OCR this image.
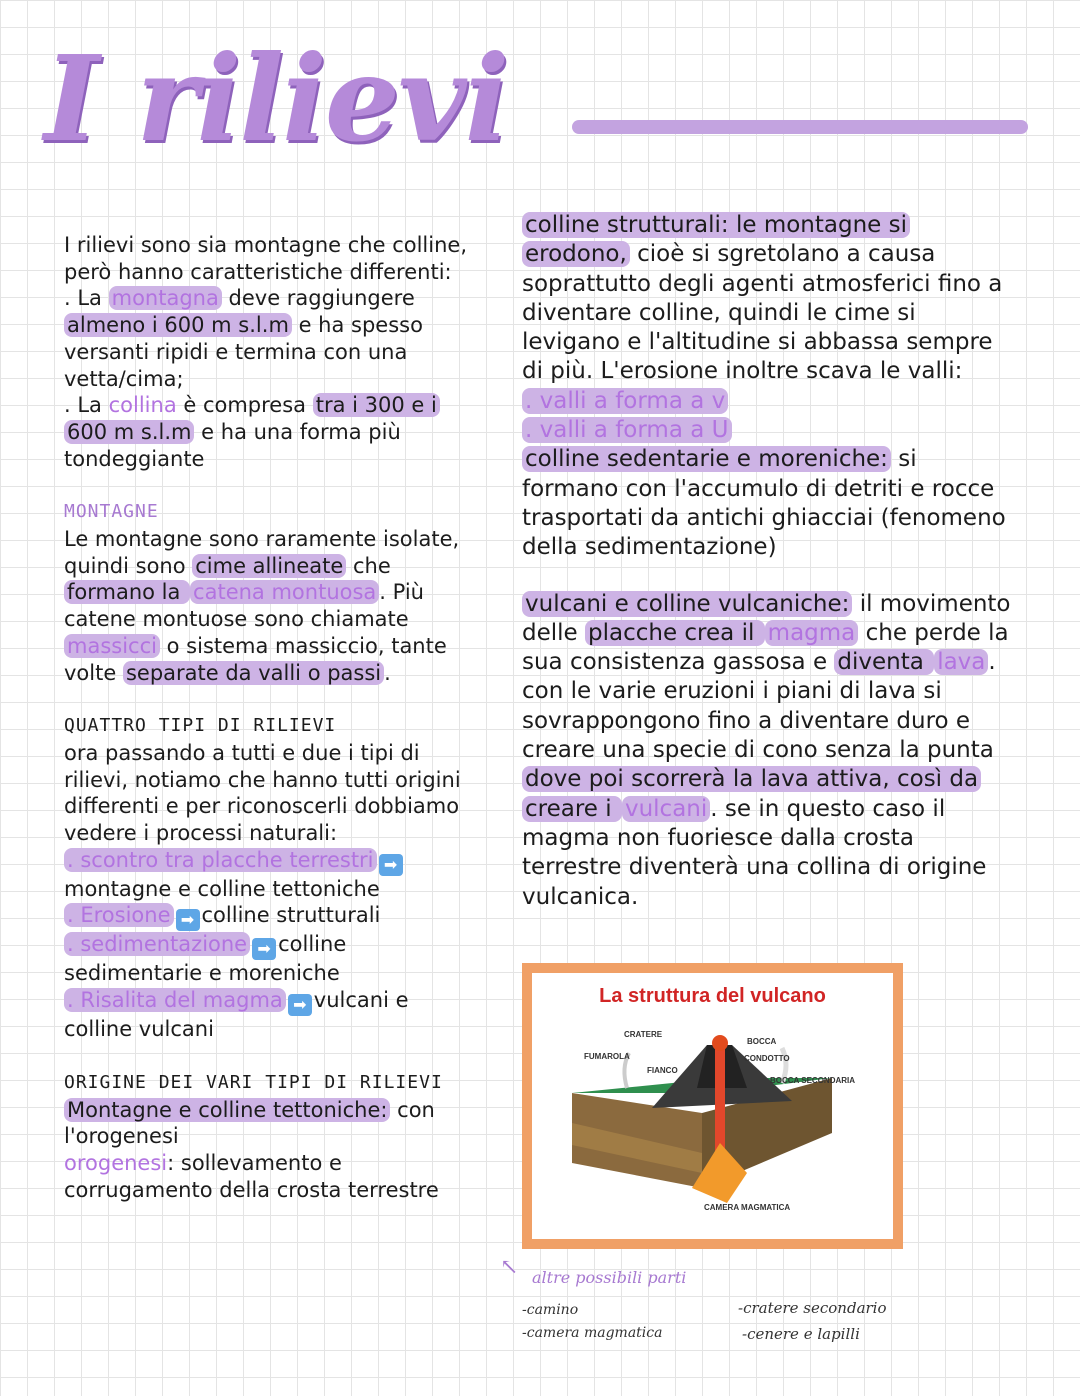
I rilievi

I rilievi sono sia montagne che colline, però hanno caratteristiche differenti:

. La montagna deve raggiungere almeno i 600 m s.l.m e ha spesso versanti ripidi e termina con una vetta/cima;

. La collina è compresa tra i 300 e i 600 m s.l.m e ha una forma più tondeggiante

MONTAGNE

Le montagne sono raramente isolate, quindi sono cime allineate che formano la catena montuosa . Più catene montuose sono chiamate massicci o sistema massiccio, tante volte separate da valli o passi .

QUATTRO TIPI DI RILIEVI

ora passando a tutti e due i tipi di rilievi, notiamo che hanno tutti origini differenti e per riconoscerli dobbiamo vedere i processi naturali:

. scontro tra placche terrestri ➡montagne e colline tettoniche

. Erosione ➡ colline strutturali

. sedimentazione ➡ colline sedimentarie e moreniche

. Risalita del magma ➡ vulcani e colline vulcani

ORIGINE DEI VARI TIPI DI RILIEVI

Montagne e colline tettoniche: con l'orogenesi
orogenesi: sollevamento e corrugamento della crosta terrestre

colline strutturali: le montagne si erodono, cioè si sgretolano a causa soprattutto degli agenti atmosferici fino a diventare colline, quindi le cime si levigano e l'altitudine si abbassa sempre di più. L'erosione inoltre scava le valli:

. valli a forma a v

. valli a forma a U

colline sedentarie e moreniche: si formano con l'accumulo di detriti e rocce trasportati da antichi ghiacciai (fenomeno della sedimentazione)

vulcani e colline vulcaniche: il movimento delle placche crea il magma che perde la sua consistenza gassosa e diventa lava . con le varie eruzioni i piani di lava si sovrappongono fino a diventare duro e creare una specie di cono senza la punta dove poi scorrerà la lava attiva, così da creare i vulcani . se in questo caso il magma non fuoriesce dalla crosta terrestre diventerà una collina di origine vulcanica.

La struttura del vulcano
CRATERE
FUMAROLA
FIANCO
BOCCA
CONDOTTO
BOCCA SECONDARIA
CAMERA MAGMATICA
↖ altre possibili parti
-camino
-camera magmatica
-cratere secondario
-cenere e lapilli
